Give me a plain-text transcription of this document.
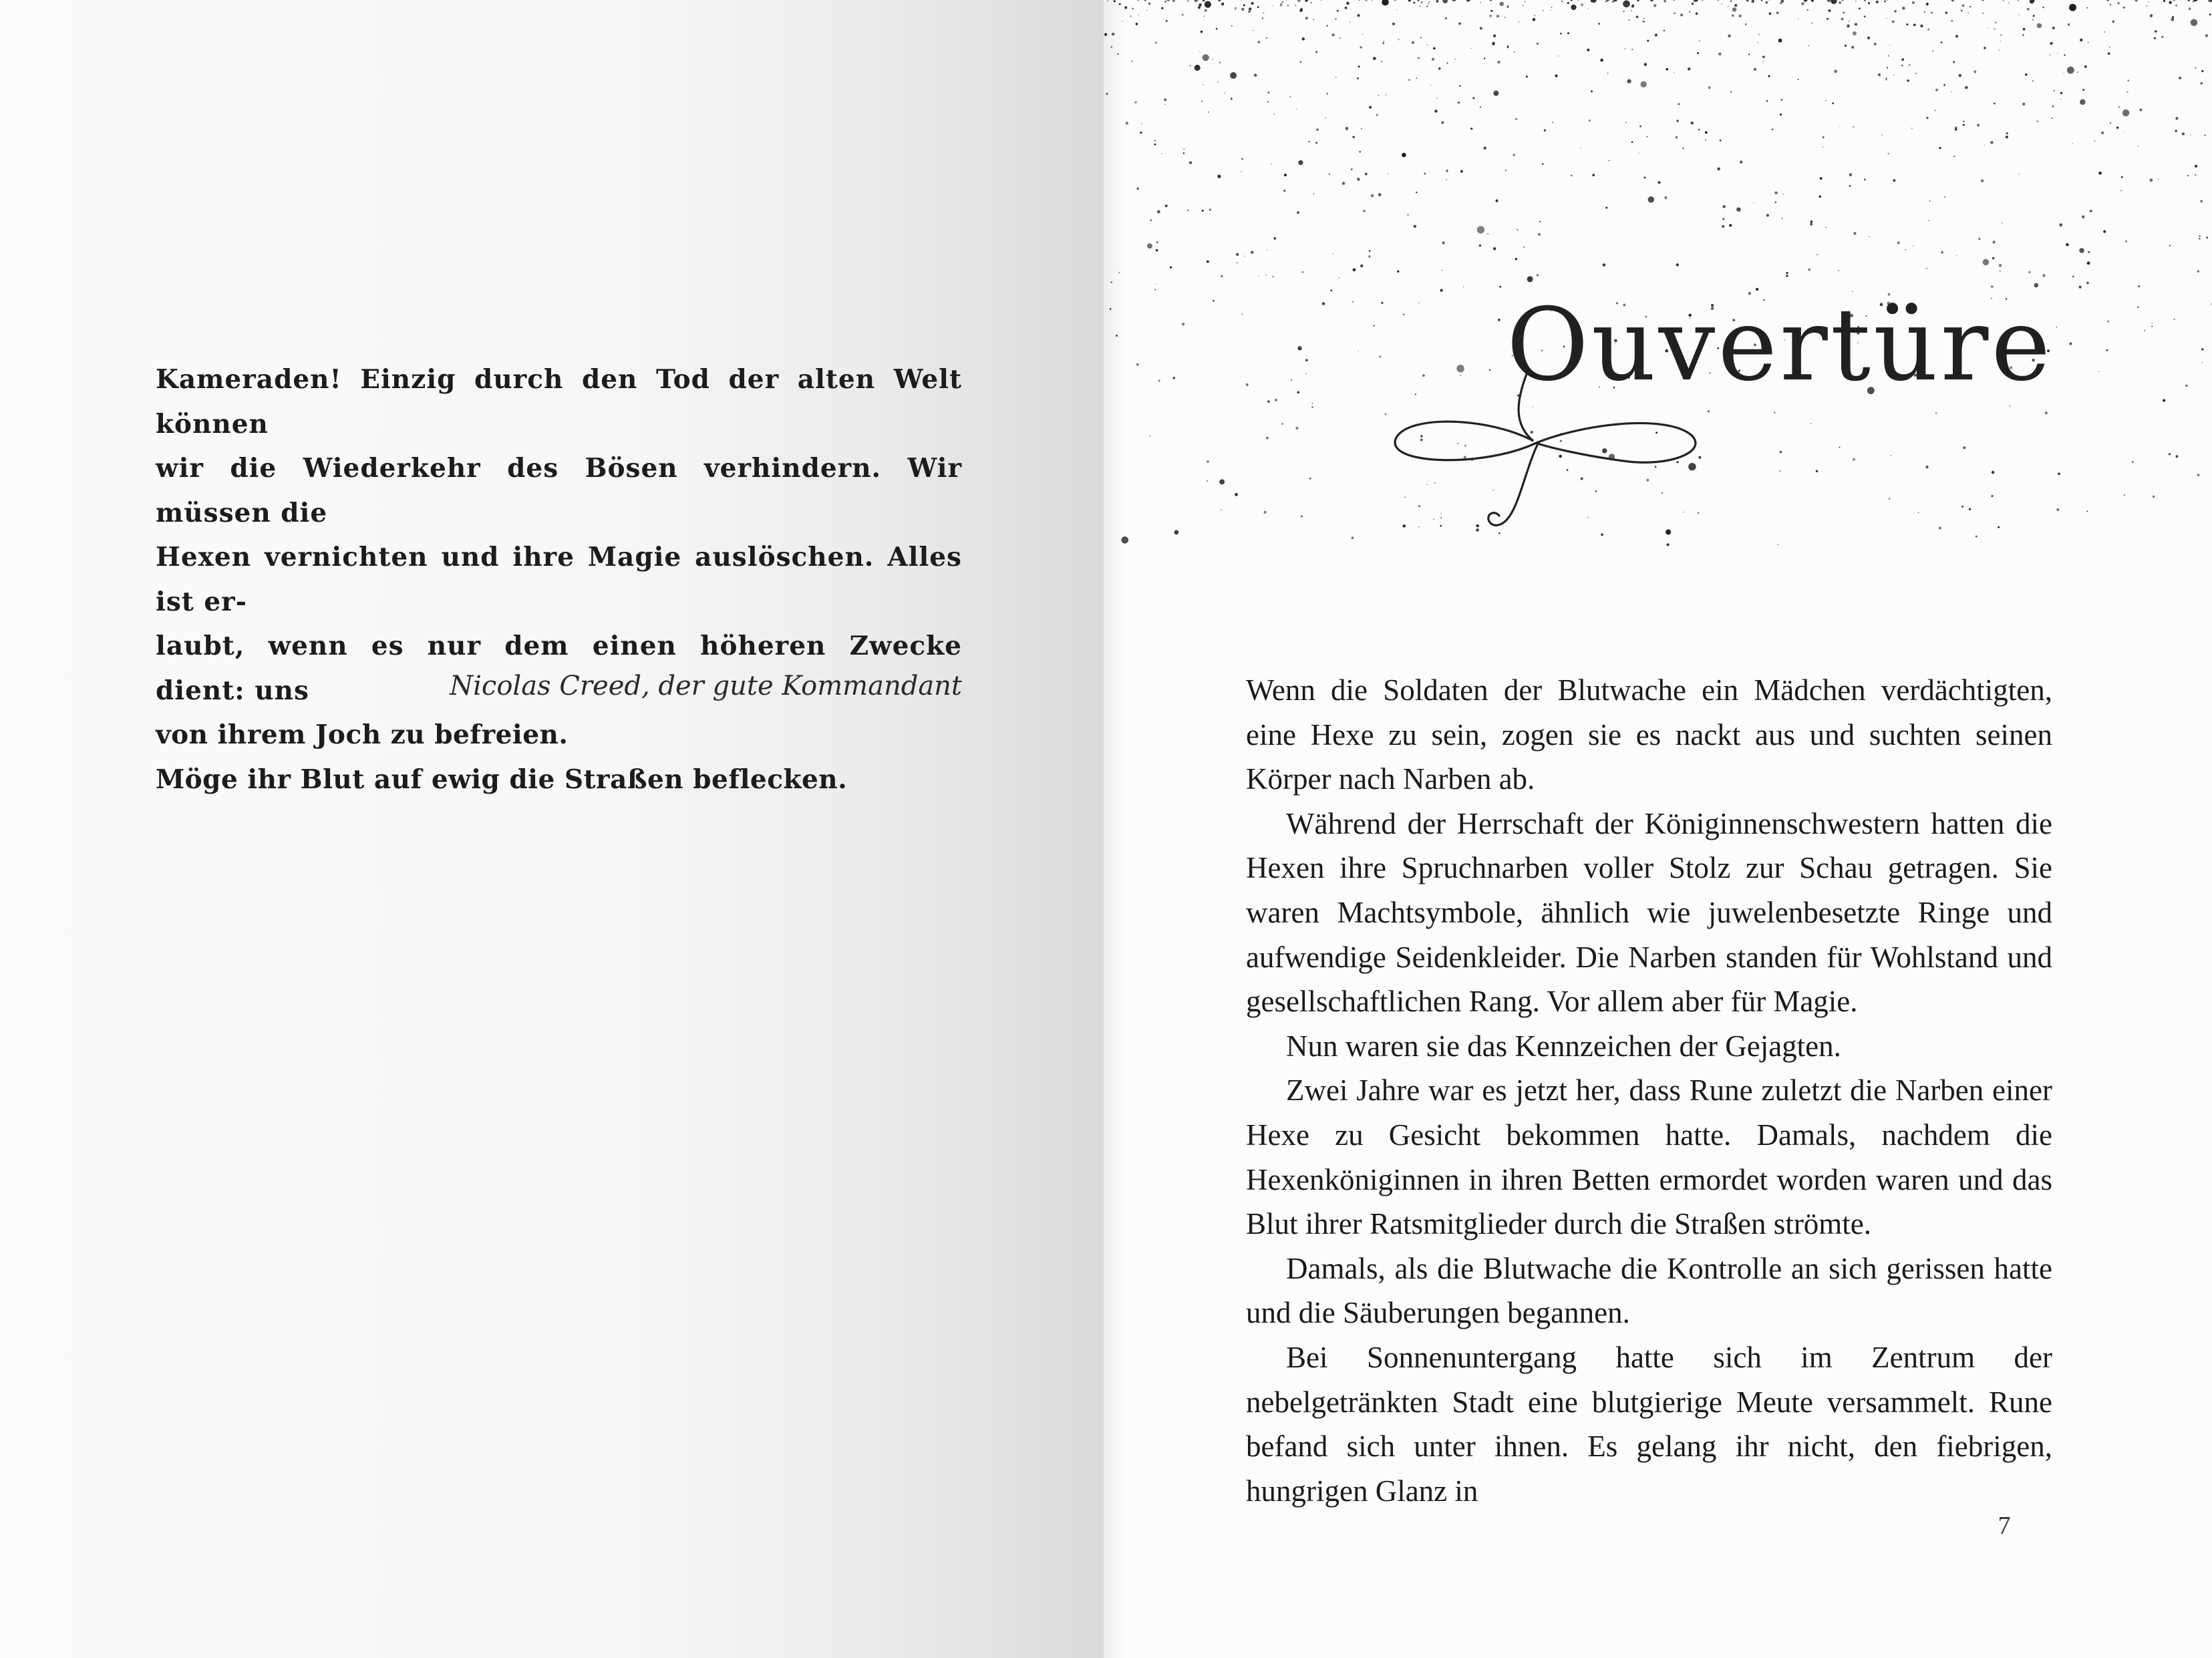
Kameraden! Einzig durch den Tod der alten Welt können
wir die Wiederkehr des Bösen verhindern. Wir müssen die
Hexen vernichten und ihre Magie auslöschen. Alles ist er-
laubt, wenn es nur dem einen höheren Zwecke dient: uns
von ihrem Joch zu befreien.
Möge ihr Blut auf ewig die Straßen beflecken.
Nicolas Creed, der gute Kommandant
Ouvertüre

Wenn die Soldaten der Blutwache ein Mädchen verdächtigten, eine Hexe zu sein, zogen sie es nackt aus und suchten seinen Körper nach Narben ab.

Während der Herrschaft der Königinnenschwestern hatten die Hexen ihre Spruchnarben voller Stolz zur Schau getragen. Sie waren Machtsymbole, ähnlich wie juwelenbesetzte Ringe und aufwendige Seidenkleider. Die Narben standen für Wohlstand und gesellschaftlichen Rang. Vor allem aber für Magie.

Nun waren sie das Kennzeichen der Gejagten.

Zwei Jahre war es jetzt her, dass Rune zuletzt die Narben einer Hexe zu Gesicht bekommen hatte. Damals, nachdem die Hexenköniginnen in ihren Betten ermordet worden waren und das Blut ihrer Ratsmitglieder durch die Straßen strömte.

Damals, als die Blutwache die Kontrolle an sich gerissen hatte und die Säuberungen begannen.

Bei Sonnenuntergang hatte sich im Zentrum der nebelgetränkten Stadt eine blutgierige Meute versammelt. Rune befand sich unter ihnen. Es gelang ihr nicht, den fiebrigen, hungrigen Glanz in

7
